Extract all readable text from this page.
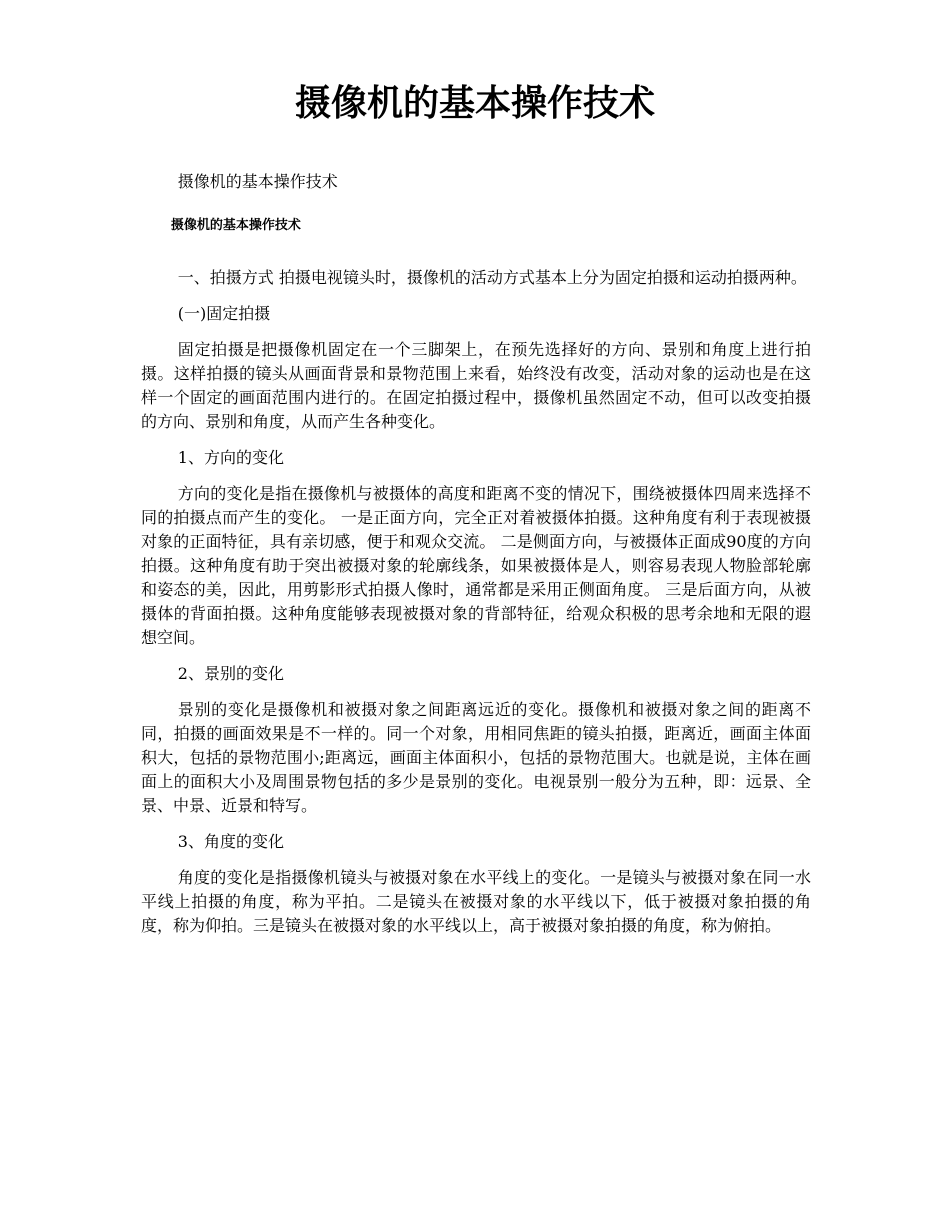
摄像机的基本操作技术

摄像机的基本操作技术

摄像机的基本操作技术

一、拍摄方式 拍摄电视镜头时，摄像机的活动方式基本上分为固定拍摄和运动拍摄两种。

(一)固定拍摄

固定拍摄是把摄像机固定在一个三脚架上，在预先选择好的方向、景别和角度上进行拍摄。这样拍摄的镜头从画面背景和景物范围上来看，始终没有改变，活动对象的运动也是在这样一个固定的画面范围内进行的。在固定拍摄过程中，摄像机虽然固定不动，但可以改变拍摄的方向、景别和角度，从而产生各种变化。

1、方向的变化

方向的变化是指在摄像机与被摄体的高度和距离不变的情况下，围绕被摄体四周来选择不同的拍摄点而产生的变化。 一是正面方向，完全正对着被摄体拍摄。这种角度有利于表现被摄对象的正面特征，具有亲切感，便于和观众交流。 二是侧面方向，与被摄体正面成90度的方向拍摄。这种角度有助于突出被摄对象的轮廓线条，如果被摄体是人，则容易表现人物脸部轮廓和姿态的美，因此，用剪影形式拍摄人像时，通常都是采用正侧面角度。 三是后面方向，从被摄体的背面拍摄。这种角度能够表现被摄对象的背部特征，给观众积极的思考余地和无限的遐想空间。

2、景别的变化

景别的变化是摄像机和被摄对象之间距离远近的变化。摄像机和被摄对象之间的距离不同，拍摄的画面效果是不一样的。同一个对象，用相同焦距的镜头拍摄，距离近，画面主体面积大，包括的景物范围小;距离远，画面主体面积小，包括的景物范围大。也就是说，主体在画面上的面积大小及周围景物包括的多少是景别的变化。电视景别一般分为五种，即：远景、全景、中景、近景和特写。

3、角度的变化

角度的变化是指摄像机镜头与被摄对象在水平线上的变化。一是镜头与被摄对象在同一水平线上拍摄的角度，称为平拍。二是镜头在被摄对象的水平线以下，低于被摄对象拍摄的角度，称为仰拍。三是镜头在被摄对象的水平线以上，高于被摄对象拍摄的角度，称为俯拍。
